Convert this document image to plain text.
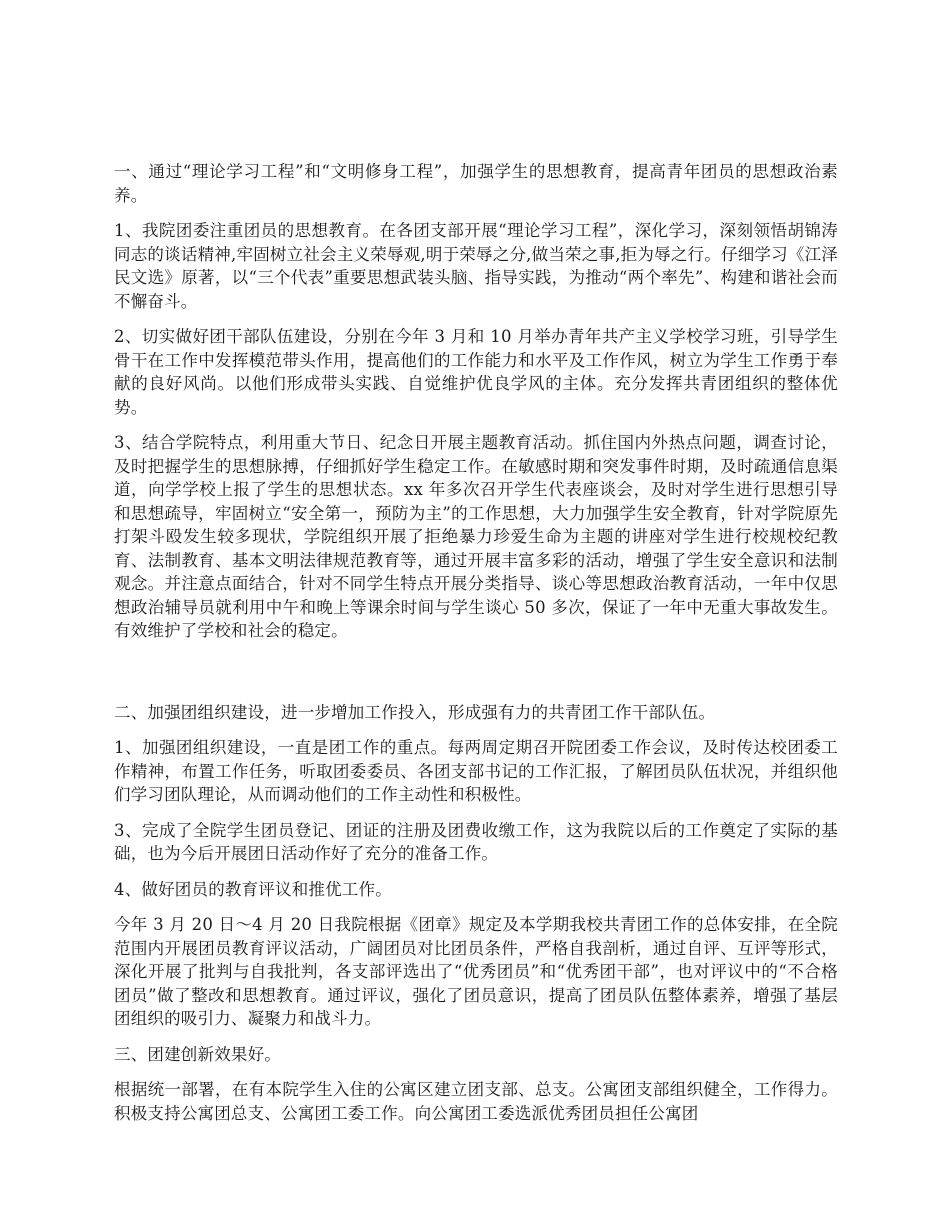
一、通过“理论学习工程”和“文明修身工程”，加强学生的思想教育，提高青年团员的思想政治素养。

1、我院团委注重团员的思想教育。在各团支部开展“理论学习工程”，深化学习，深刻领悟胡锦涛同志的谈话精神,牢固树立社会主义荣辱观,明于荣辱之分,做当荣之事,拒为辱之行。仔细学习《江泽民文选》原著，以“三个代表”重要思想武装头脑、指导实践，为推动“两个率先”、构建和谐社会而不懈奋斗。

2、切实做好团干部队伍建设，分别在今年 3 月和 10 月举办青年共产主义学校学习班，引导学生骨干在工作中发挥模范带头作用，提高他们的工作能力和水平及工作作风，树立为学生工作勇于奉献的良好风尚。以他们形成带头实践、自觉维护优良学风的主体。充分发挥共青团组织的整体优势。

3、结合学院特点，利用重大节日、纪念日开展主题教育活动。抓住国内外热点问题，调查讨论，及时把握学生的思想脉搏，仔细抓好学生稳定工作。在敏感时期和突发事件时期，及时疏通信息渠道，向学学校上报了学生的思想状态。xx 年多次召开学生代表座谈会，及时对学生进行思想引导和思想疏导，牢固树立“安全第一，预防为主”的工作思想，大力加强学生安全教育，针对学院原先打架斗殴发生较多现状，学院组织开展了拒绝暴力珍爱生命为主题的讲座对学生进行校规校纪教育、法制教育、基本文明法律规范教育等，通过开展丰富多彩的活动，增强了学生安全意识和法制观念。并注意点面结合，针对不同学生特点开展分类指导、谈心等思想政治教育活动，一年中仅思想政治辅导员就利用中午和晚上等课余时间与学生谈心 50 多次，保证了一年中无重大事故发生。有效维护了学校和社会的稳定。

二、加强团组织建设，进一步增加工作投入，形成强有力的共青团工作干部队伍。

1、加强团组织建设，一直是团工作的重点。每两周定期召开院团委工作会议，及时传达校团委工作精神，布置工作任务，听取团委委员、各团支部书记的工作汇报，了解团员队伍状况，并组织他们学习团队理论，从而调动他们的工作主动性和积极性。

3、完成了全院学生团员登记、团证的注册及团费收缴工作，这为我院以后的工作奠定了实际的基础，也为今后开展团日活动作好了充分的准备工作。

4、做好团员的教育评议和推优工作。

今年 3 月 20 日～4 月 20 日我院根据《团章》规定及本学期我校共青团工作的总体安排，在全院范围内开展团员教育评议活动，广阔团员对比团员条件，严格自我剖析，通过自评、互评等形式，深化开展了批判与自我批判，各支部评选出了“优秀团员”和“优秀团干部”，也对评议中的“不合格团员”做了整改和思想教育。通过评议，强化了团员意识，提高了团员队伍整体素养，增强了基层团组织的吸引力、凝聚力和战斗力。

三、团建创新效果好。

根据统一部署，在有本院学生入住的公寓区建立团支部、总支。公寓团支部组织健全，工作得力。积极支持公寓团总支、公寓团工委工作。向公寓团工委选派优秀团员担任公寓团
